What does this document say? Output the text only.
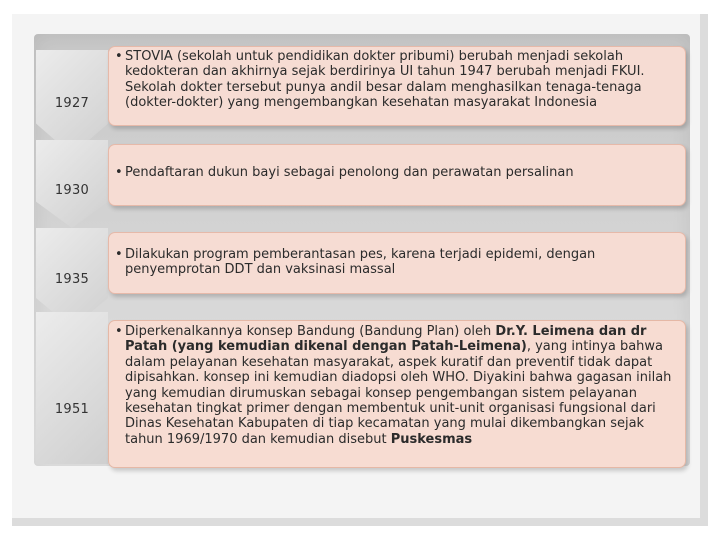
1927
1930
1935
1951
• STOVIA (sekolah untuk pendidikan dokter pribumi) berubah menjadi sekolah kedokteran dan akhirnya sejak berdirinya UI tahun 1947 berubah menjadi FKUI. Sekolah dokter tersebut punya andil besar dalam menghasilkan tenaga-tenaga (dokter-dokter) yang mengembangkan kesehatan masyarakat Indonesia
• Pendaftaran dukun bayi sebagai penolong dan perawatan persalinan
• Dilakukan program pemberantasan pes, karena terjadi epidemi, dengan penyemprotan DDT dan vaksinasi massal
• Diperkenalkannya konsep Bandung (Bandung Plan) oleh Dr.Y. Leimena dan dr Patah (yang kemudian dikenal dengan Patah-Leimena), yang intinya bahwa dalam pelayanan kesehatan masyarakat, aspek kuratif dan preventif tidak dapat dipisahkan. konsep ini kemudian diadopsi oleh WHO. Diyakini bahwa gagasan inilah yang kemudian dirumuskan sebagai konsep pengembangan sistem pelayanan kesehatan tingkat primer dengan membentuk unit-unit organisasi fungsional dari Dinas Kesehatan Kabupaten di tiap kecamatan yang mulai dikembangkan sejak tahun 1969/1970 dan kemudian disebut Puskesmas
